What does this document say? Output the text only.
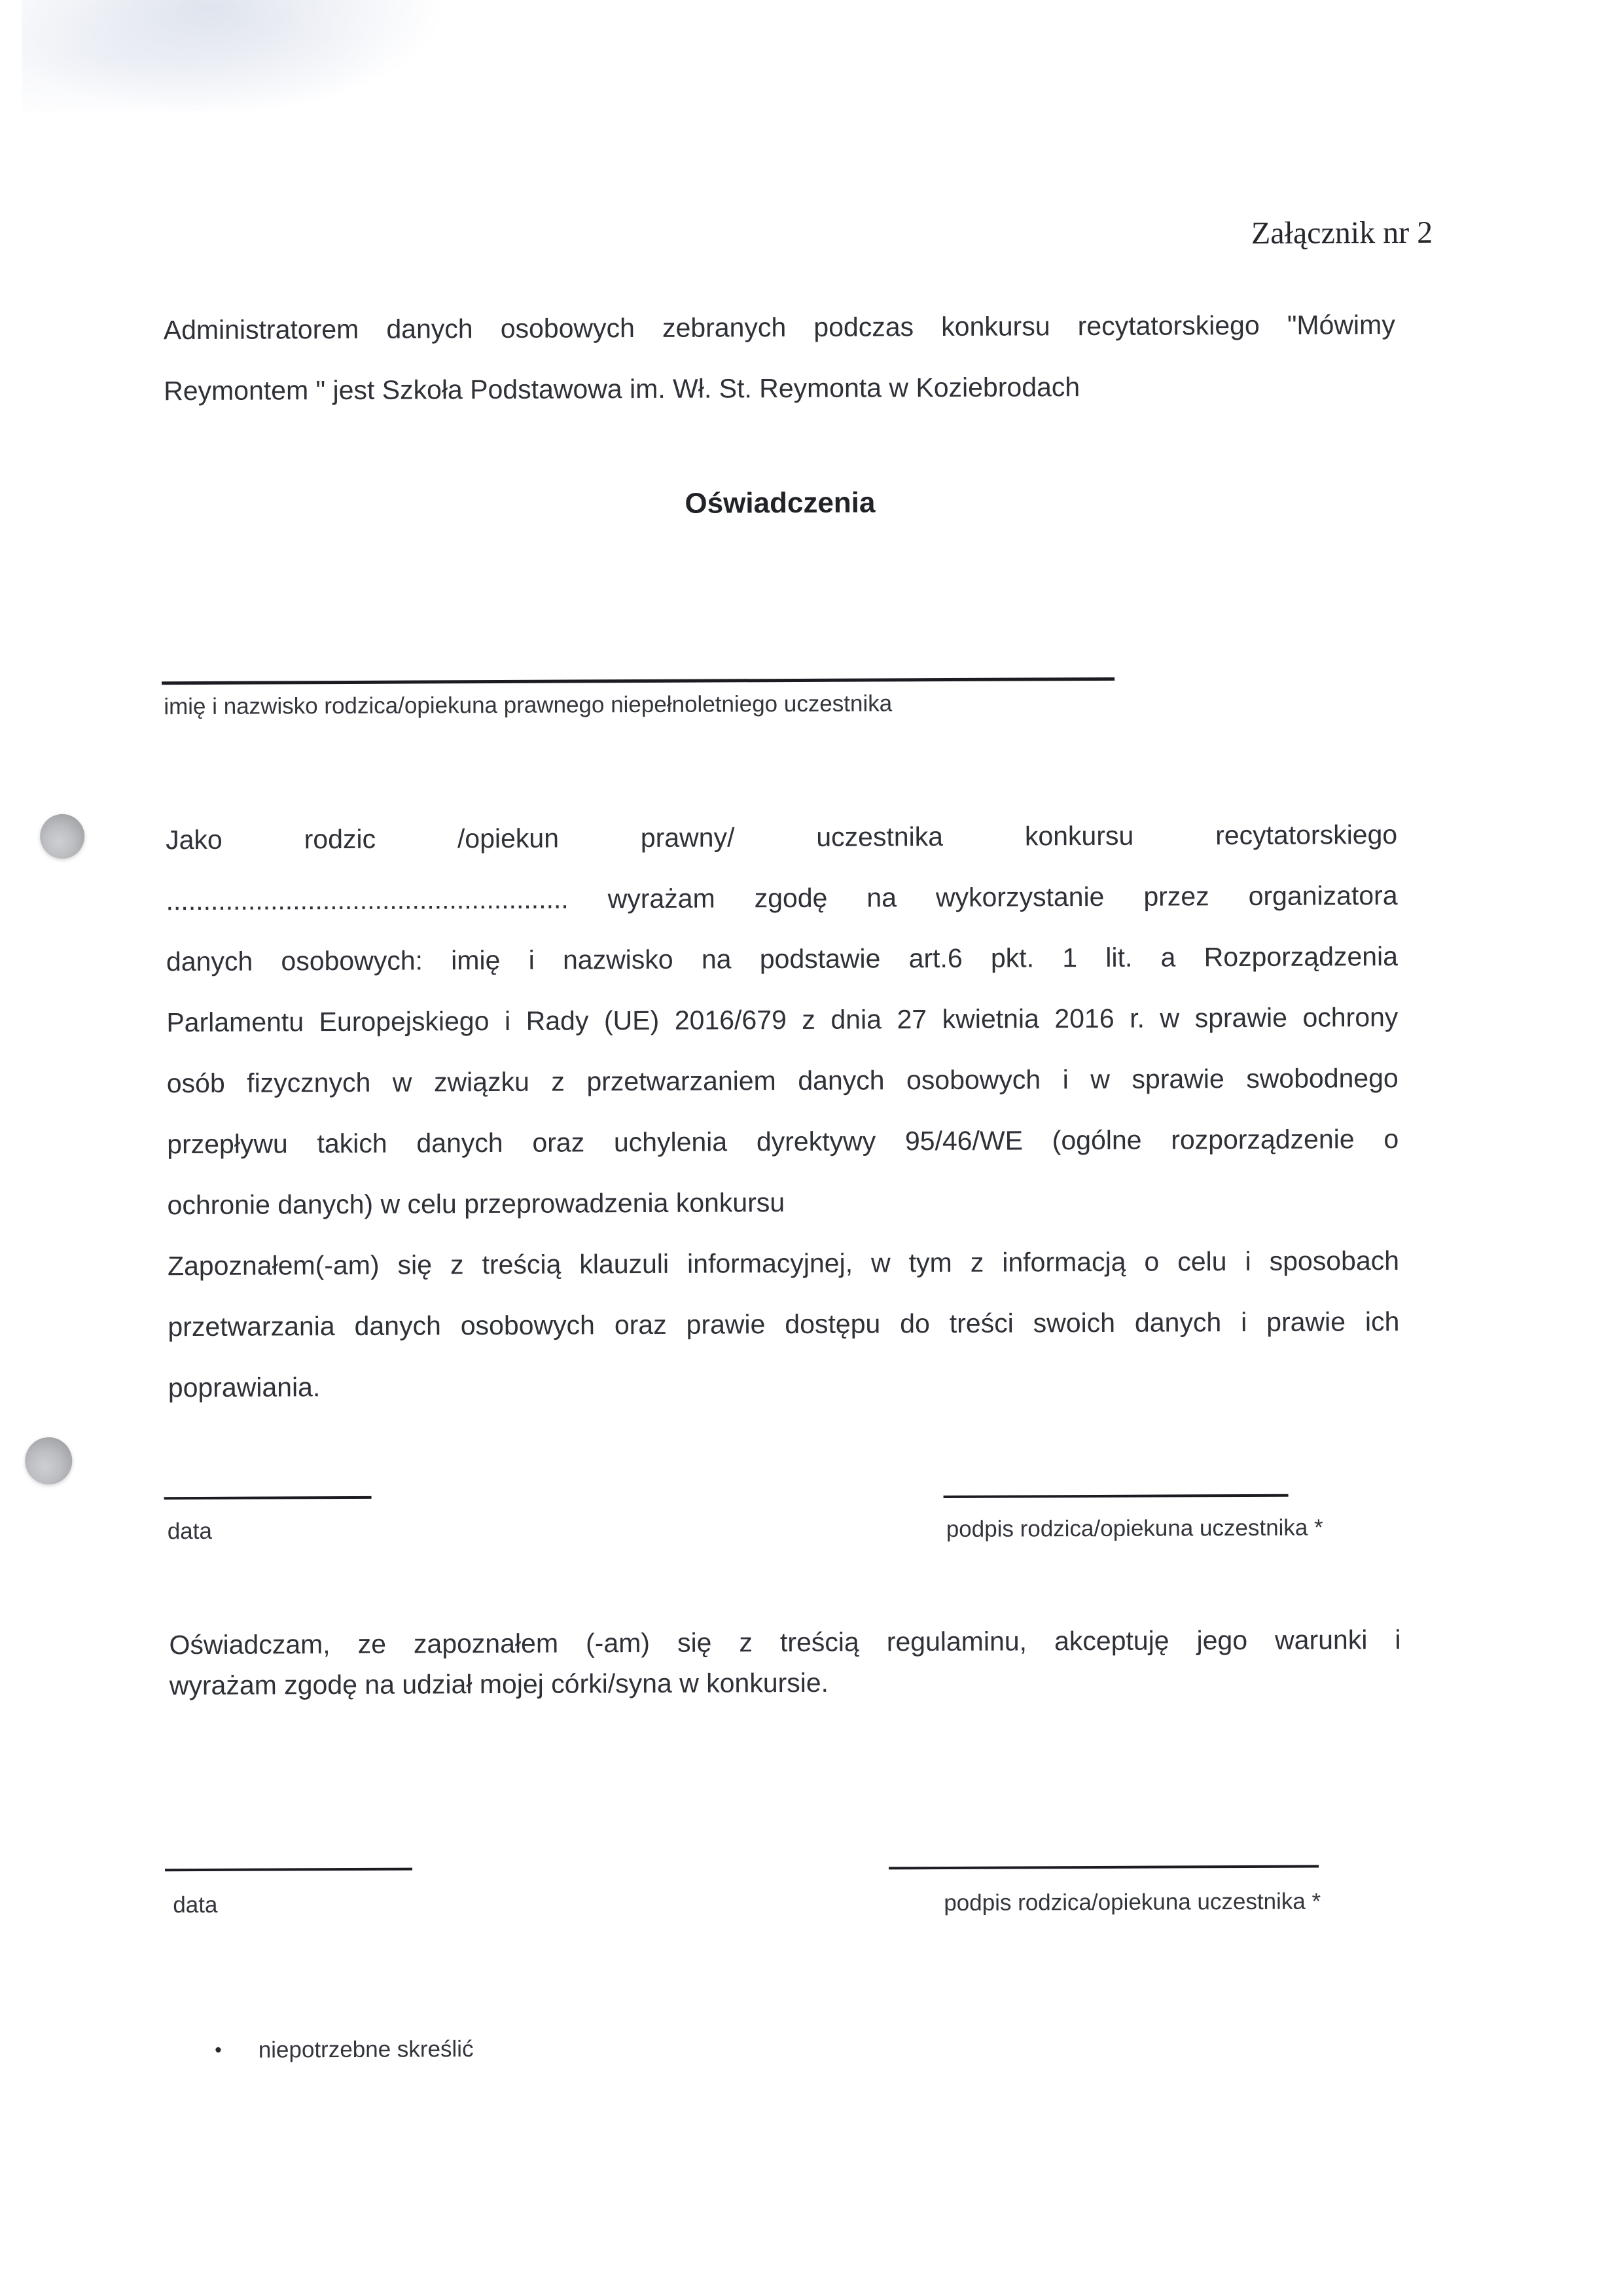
Załącznik nr 2
Administratorem danych osobowych zebranych podczas konkursu recytatorskiego "Mówimy
Reymontem " jest Szkoła Podstawowa im. Wł. St. Reymonta w Koziebrodach
Oświadczenia
imię i nazwisko rodzica/opiekuna prawnego niepełnoletniego uczestnika
Jako rodzic /opiekun prawny/ uczestnika konkursu recytatorskiego
...................................................... wyrażam zgodę na wykorzystanie przez organizatora
danych osobowych: imię i nazwisko na podstawie art.6 pkt. 1 lit. a Rozporządzenia
Parlamentu Europejskiego i Rady (UE) 2016/679 z dnia 27 kwietnia 2016 r. w sprawie ochrony
osób fizycznych w związku z przetwarzaniem danych osobowych i w sprawie swobodnego
przepływu takich danych oraz uchylenia dyrektywy 95/46/WE (ogólne rozporządzenie o
ochronie danych) w celu przeprowadzenia konkursu
Zapoznałem(-am) się z treścią klauzuli informacyjnej, w tym z informacją o celu i sposobach
przetwarzania danych osobowych oraz prawie dostępu do treści swoich danych i prawie ich
poprawiania.
data	podpis rodzica/opiekuna uczestnika *
Oświadczam, ze zapoznałem (-am) się z treścią regulaminu, akceptuję jego warunki i
wyrażam zgodę na udział mojej córki/syna w konkursie.
data	podpis rodzica/opiekuna uczestnika *
• niepotrzebne skreślić
